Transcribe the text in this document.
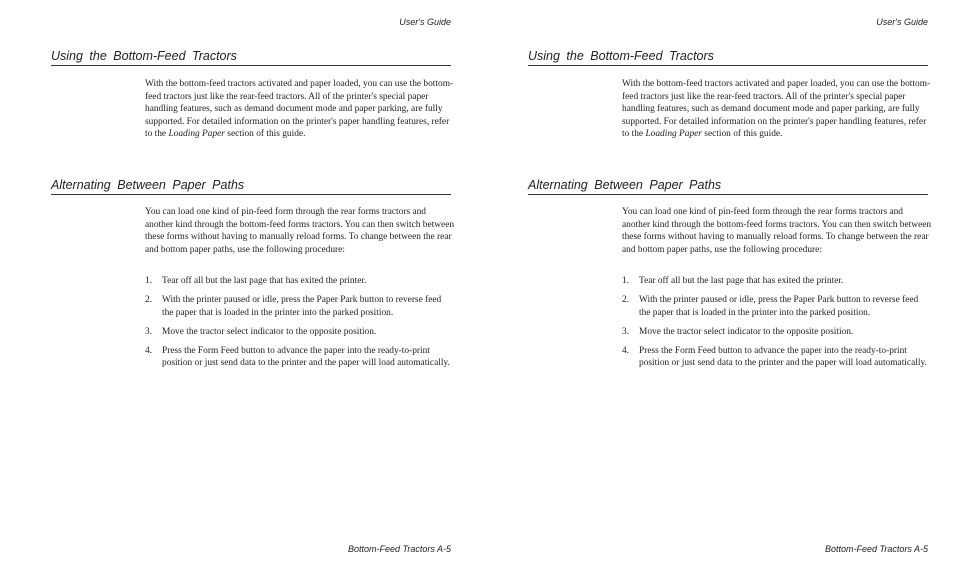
User's Guide
Using the Bottom-Feed Tractors

With the bottom-feed tractors activated and paper loaded, you can use the bottom-feed tractors just like the rear-feed tractors. All of the printer's special paper handling features, such as demand document mode and paper parking, are fully supported. For detailed information on the printer's paper handling features, refer to the Loading Paper section of this guide.

Alternating Between Paper Paths

You can load one kind of pin-feed form through the rear forms tractors and another kind through the bottom-feed forms tractors. You can then switch between these forms without having to manually reload forms. To change between the rear and bottom paper paths, use the following procedure:

1. Tear off all but the last page that has exited the printer.
2. With the printer paused or idle, press the Paper Park button to reverse feed the paper that is loaded in the printer into the parked position.
3. Move the tractor select indicator to the opposite position.
4. Press the Form Feed button to advance the paper into the ready-to-print position or just send data to the printer and the paper will load automatically.
Bottom-Feed Tractors A-5
User's Guide
Using the Bottom-Feed Tractors

With the bottom-feed tractors activated and paper loaded, you can use the bottom-feed tractors just like the rear-feed tractors. All of the printer's special paper handling features, such as demand document mode and paper parking, are fully supported. For detailed information on the printer's paper handling features, refer to the Loading Paper section of this guide.

Alternating Between Paper Paths

You can load one kind of pin-feed form through the rear forms tractors and another kind through the bottom-feed forms tractors. You can then switch between these forms without having to manually reload forms. To change between the rear and bottom paper paths, use the following procedure:

1. Tear off all but the last page that has exited the printer.
2. With the printer paused or idle, press the Paper Park button to reverse feed the paper that is loaded in the printer into the parked position.
3. Move the tractor select indicator to the opposite position.
4. Press the Form Feed button to advance the paper into the ready-to-print position or just send data to the printer and the paper will load automatically.
Bottom-Feed Tractors A-5
